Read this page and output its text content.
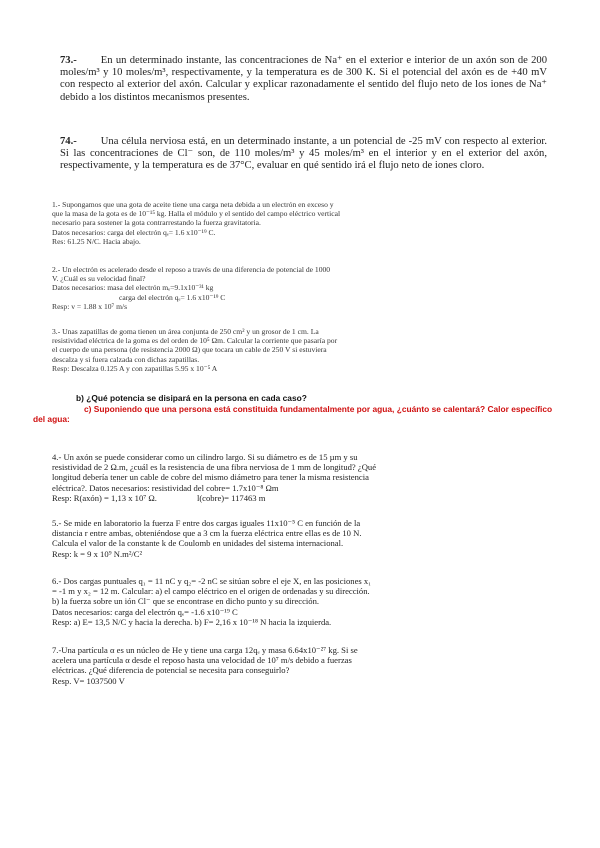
73.- En un determinado instante, las concentraciones de Na⁺ en el exterior e interior de un axón son de 200 moles/m³ y 10 moles/m³, respectivamente, y la temperatura es de 300 K. Si el potencial del axón es de +40 mV con respecto al exterior del axón. Calcular y explicar razonadamente el sentido del flujo neto de los iones de Na⁺ debido a los distintos mecanismos presentes.
74.- Una célula nerviosa está, en un determinado instante, a un potencial de -25 mV con respecto al exterior. Si las concentraciones de Cl⁻ son, de 110 moles/m³ y 45 moles/m³ en el interior y en el exterior del axón, respectivamente, y la temperatura es de 37°C, evaluar en qué sentido irá el flujo neto de iones cloro.
1.- Supongamos que una gota de aceite tiene una carga neta debida a un electrón en exceso y
que la masa de la gota es de 10⁻¹⁵ kg. Halla el módulo y el sentido del campo eléctrico vertical
necesario para sostener la gota contrarrestando la fuerza gravitatoria.
Datos necesarios: carga del electrón qₑ= 1.6 x10⁻¹⁹ C.
Res: 61.25 N/C. Hacia abajo.
2.- Un electrón es acelerado desde el reposo a través de una diferencia de potencial de 1000
V. ¿Cuál es su velocidad final?
Datos necesarios: masa del electrón mₑ=9.1x10⁻³¹ kg
carga del electrón qₑ= 1.6 x10⁻¹⁹ C
Resp: v = 1.88 x 10⁷ m/s
3.- Unas zapatillas de goma tienen un área conjunta de 250 cm² y un grosor de 1 cm. La
resistividad eléctrica de la goma es del orden de 10⁵ Ωm. Calcular la corriente que pasaría por
el cuerpo de una persona (de resistencia 2000 Ω) que tocara un cable de 250 V si estuviera
descalza y si fuera calzada con dichas zapatillas.
Resp: Descalza 0.125 A y con zapatillas 5.95 x 10⁻⁵ A
b) ¿Qué potencia se disipará en la persona en cada caso?
c) Suponiendo que una persona está constituida fundamentalmente por agua, ¿cuánto se calentará? Calor específico
del agua:
4.- Un axón se puede considerar como un cilindro largo. Si su diámetro es de 15 µm y su
resistividad de 2 Ω.m, ¿cuál es la resistencia de una fibra nerviosa de 1 mm de longitud? ¿Qué
longitud debería tener un cable de cobre del mismo diámetro para tener la misma resistencia
eléctrica?. Datos necesarios: resistividad del cobre= 1.7x10⁻⁸ Ωm
Resp: R(axón) = 1,13 x 10⁷ Ω.	l(cobre)= 117463 m
5.- Se mide en laboratorio la fuerza F entre dos cargas iguales 11x10⁻⁵ C en función de la
distancia r entre ambas, obteniéndose que a 3 cm la fuerza eléctrica entre ellas es de 10 N.
Calcula el valor de la constante k de Coulomb en unidades del sistema internacional.
Resp: k = 9 x 10⁹ N.m²/C²
6.- Dos cargas puntuales q₁ = 11 nC y q₂= -2 nC se sitúan sobre el eje X, en las posiciones x₁
= -1 m y x₂ = 12 m. Calcular: a) el campo eléctrico en el origen de ordenadas y su dirección.
b) la fuerza sobre un ión Cl⁻ que se encontrase en dicho punto y su dirección.
Datos necesarios: carga del electrón qₑ= -1.6 x10⁻¹⁹ C
Resp: a) E= 13,5 N/C y hacia la derecha. b) F= 2,16 x 10⁻¹⁸ N hacia la izquierda.
7.-Una partícula α es un núcleo de He y tiene una carga 12qₑ y masa 6.64x10⁻²⁷ kg. Si se
acelera una partícula α desde el reposo hasta una velocidad de 10⁷ m/s debido a fuerzas
eléctricas. ¿Qué diferencia de potencial se necesita para conseguirlo?
Resp. V= 1037500 V
